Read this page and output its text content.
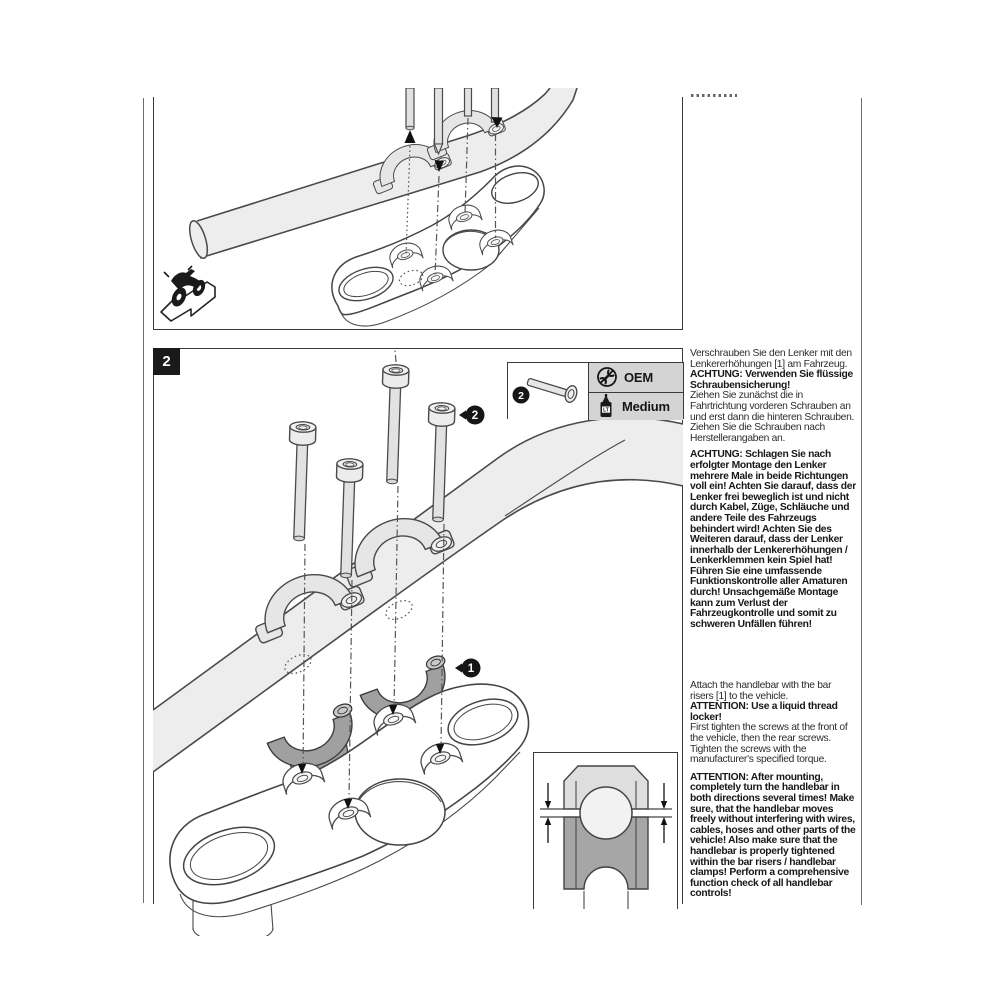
2
2
1
2
OEM
LT Medium

Verschrauben Sie den Lenker mit den Lenkererhöhungen [1] am Fahrzeug.

ACHTUNG: Verwenden Sie flüssige Schraubensicherung!

Ziehen Sie zunächst die in Fahrtrichtung vorderen Schrauben an und erst dann die hinteren Schrauben. Ziehen Sie die Schrauben nach Herstellerangaben an.

ACHTUNG: Schlagen Sie nach erfolgter Montage den Lenker mehrere Male in beide Richtungen voll ein! Achten Sie darauf, dass der Lenker frei beweglich ist und nicht durch Kabel, Züge, Schläuche und andere Teile des Fahrzeugs behindert wird! Achten Sie des Weiteren darauf, dass der Lenker innerhalb der Lenkererhöhungen / Lenkerklemmen kein Spiel hat! Führen Sie eine umfassende Funktionskontrolle aller Amaturen durch! Unsachgemäße Montage kann zum Verlust der Fahrzeugkontrolle und somit zu schweren Unfällen führen!

Attach the handlebar with the bar risers [1] to the vehicle.

ATTENTION: Use a liquid thread locker!

First tighten the screws at the front of the vehicle, then the rear screws. Tighten the screws with the manufacturer's specified torque.

ATTENTION: After mounting, completely turn the handlebar in both directions several times! Make sure, that the handlebar moves freely without interfering with wires, cables, hoses and other parts of the vehicle! Also make sure that the handlebar is properly tightened within the bar risers / handlebar clamps! Perform a comprehensive function check of all handlebar controls!
